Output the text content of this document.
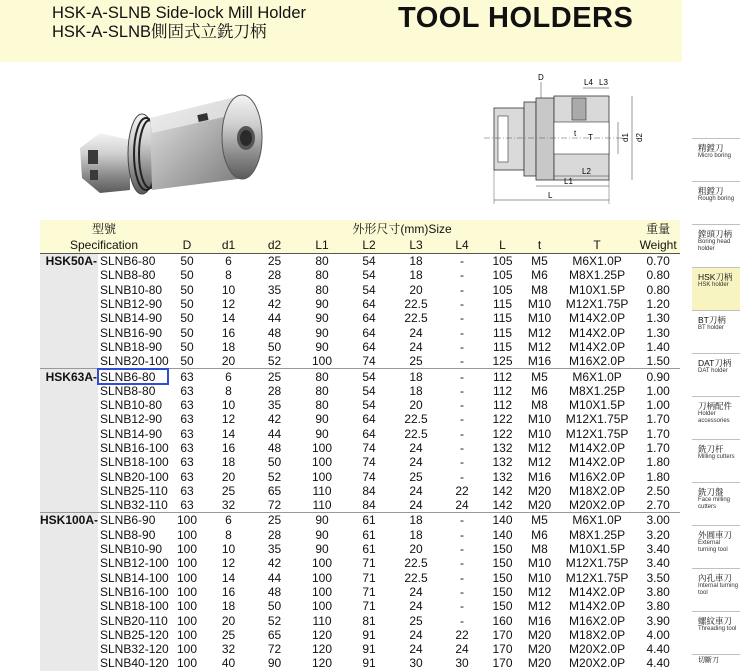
HSK-A-SLNB Side-lock Mill Holder
HSK-A-SLNB側固式立銑刀柄	TOOL HOLDERS
D
L4 L3
t T	d1 d2
L2
L1
L
型號		外形尺寸(mm)Size										重量
Specification		D	d1	d2	L1	L2	L3	L4	L	t	T	Weight
HSK50A-	SLNB6-80	50	6	25	80	54	18	-	105	M5	M6X1.0P	0.70
	SLNB8-80	50	8	28	80	54	18	-	105	M6	M8X1.25P	0.80
	SLNB10-80	50	10	35	80	54	20	-	105	M8	M10X1.5P	0.80
	SLNB12-90	50	12	42	90	64	22.5	-	115	M10	M12X1.75P	1.20
	SLNB14-90	50	14	44	90	64	22.5	-	115	M10	M14X2.0P	1.30
	SLNB16-90	50	16	48	90	64	24	-	115	M12	M14X2.0P	1.30
	SLNB18-90	50	18	50	90	64	24	-	115	M12	M14X2.0P	1.40
	SLNB20-100	50	20	52	100	74	25	-	125	M16	M16X2.0P	1.50
HSK63A-	SLNB6-80	63	6	25	80	54	18	-	112	M5	M6X1.0P	0.90
	SLNB8-80	63	8	28	80	54	18	-	112	M6	M8X1.25P	1.00
	SLNB10-80	63	10	35	80	54	20	-	112	M8	M10X1.5P	1.00
	SLNB12-90	63	12	42	90	64	22.5	-	122	M10	M12X1.75P	1.70
	SLNB14-90	63	14	44	90	64	22.5	-	122	M10	M12X1.75P	1.70
	SLNB16-100	63	16	48	100	74	24	-	132	M12	M14X2.0P	1.70
	SLNB18-100	63	18	50	100	74	24	-	132	M12	M14X2.0P	1.80
	SLNB20-100	63	20	52	100	74	25	-	132	M16	M16X2.0P	1.80
	SLNB25-110	63	25	65	110	84	24	22	142	M20	M18X2.0P	2.50
	SLNB32-110	63	32	72	110	84	24	24	142	M20	M20X2.0P	2.70
HSK100A-	SLNB6-90	100	6	25	90	61	18	-	140	M5	M6X1.0P	3.00
	SLNB8-90	100	8	28	90	61	18	-	140	M6	M8X1.25P	3.20
	SLNB10-90	100	10	35	90	61	20	-	150	M8	M10X1.5P	3.40
	SLNB12-100	100	12	42	100	71	22.5	-	150	M10	M12X1.75P	3.40
	SLNB14-100	100	14	44	100	71	22.5	-	150	M10	M12X1.75P	3.50
	SLNB16-100	100	16	48	100	71	24	-	150	M12	M14X2.0P	3.80
	SLNB18-100	100	18	50	100	71	24	-	150	M12	M14X2.0P	3.80
	SLNB20-110	100	20	52	110	81	25	-	160	M16	M16X2.0P	3.90
	SLNB25-120	100	25	65	120	91	24	22	170	M20	M18X2.0P	4.00
	SLNB32-120	100	32	72	120	91	24	24	170	M20	M20X2.0P	4.40
	SLNB40-120	100	40	90	120	91	30	30	170	M20	M20X2.0P	4.40
精鏜刀
Micro boring
粗鏜刀
Rough boring
鏜頭刀柄
Boring head holder
HSK刀柄
HSK holder
BT刀柄
BT holder
DAT刀柄
DAT holder
刀柄配件
Holder accessories
銑刀杆
Milling cutters
銑刀盤
Face milling cutters
外圓車刀
External turning tool
內孔車刀
Internal turning tool
螺紋車刀
Threading tool
切斷刀
